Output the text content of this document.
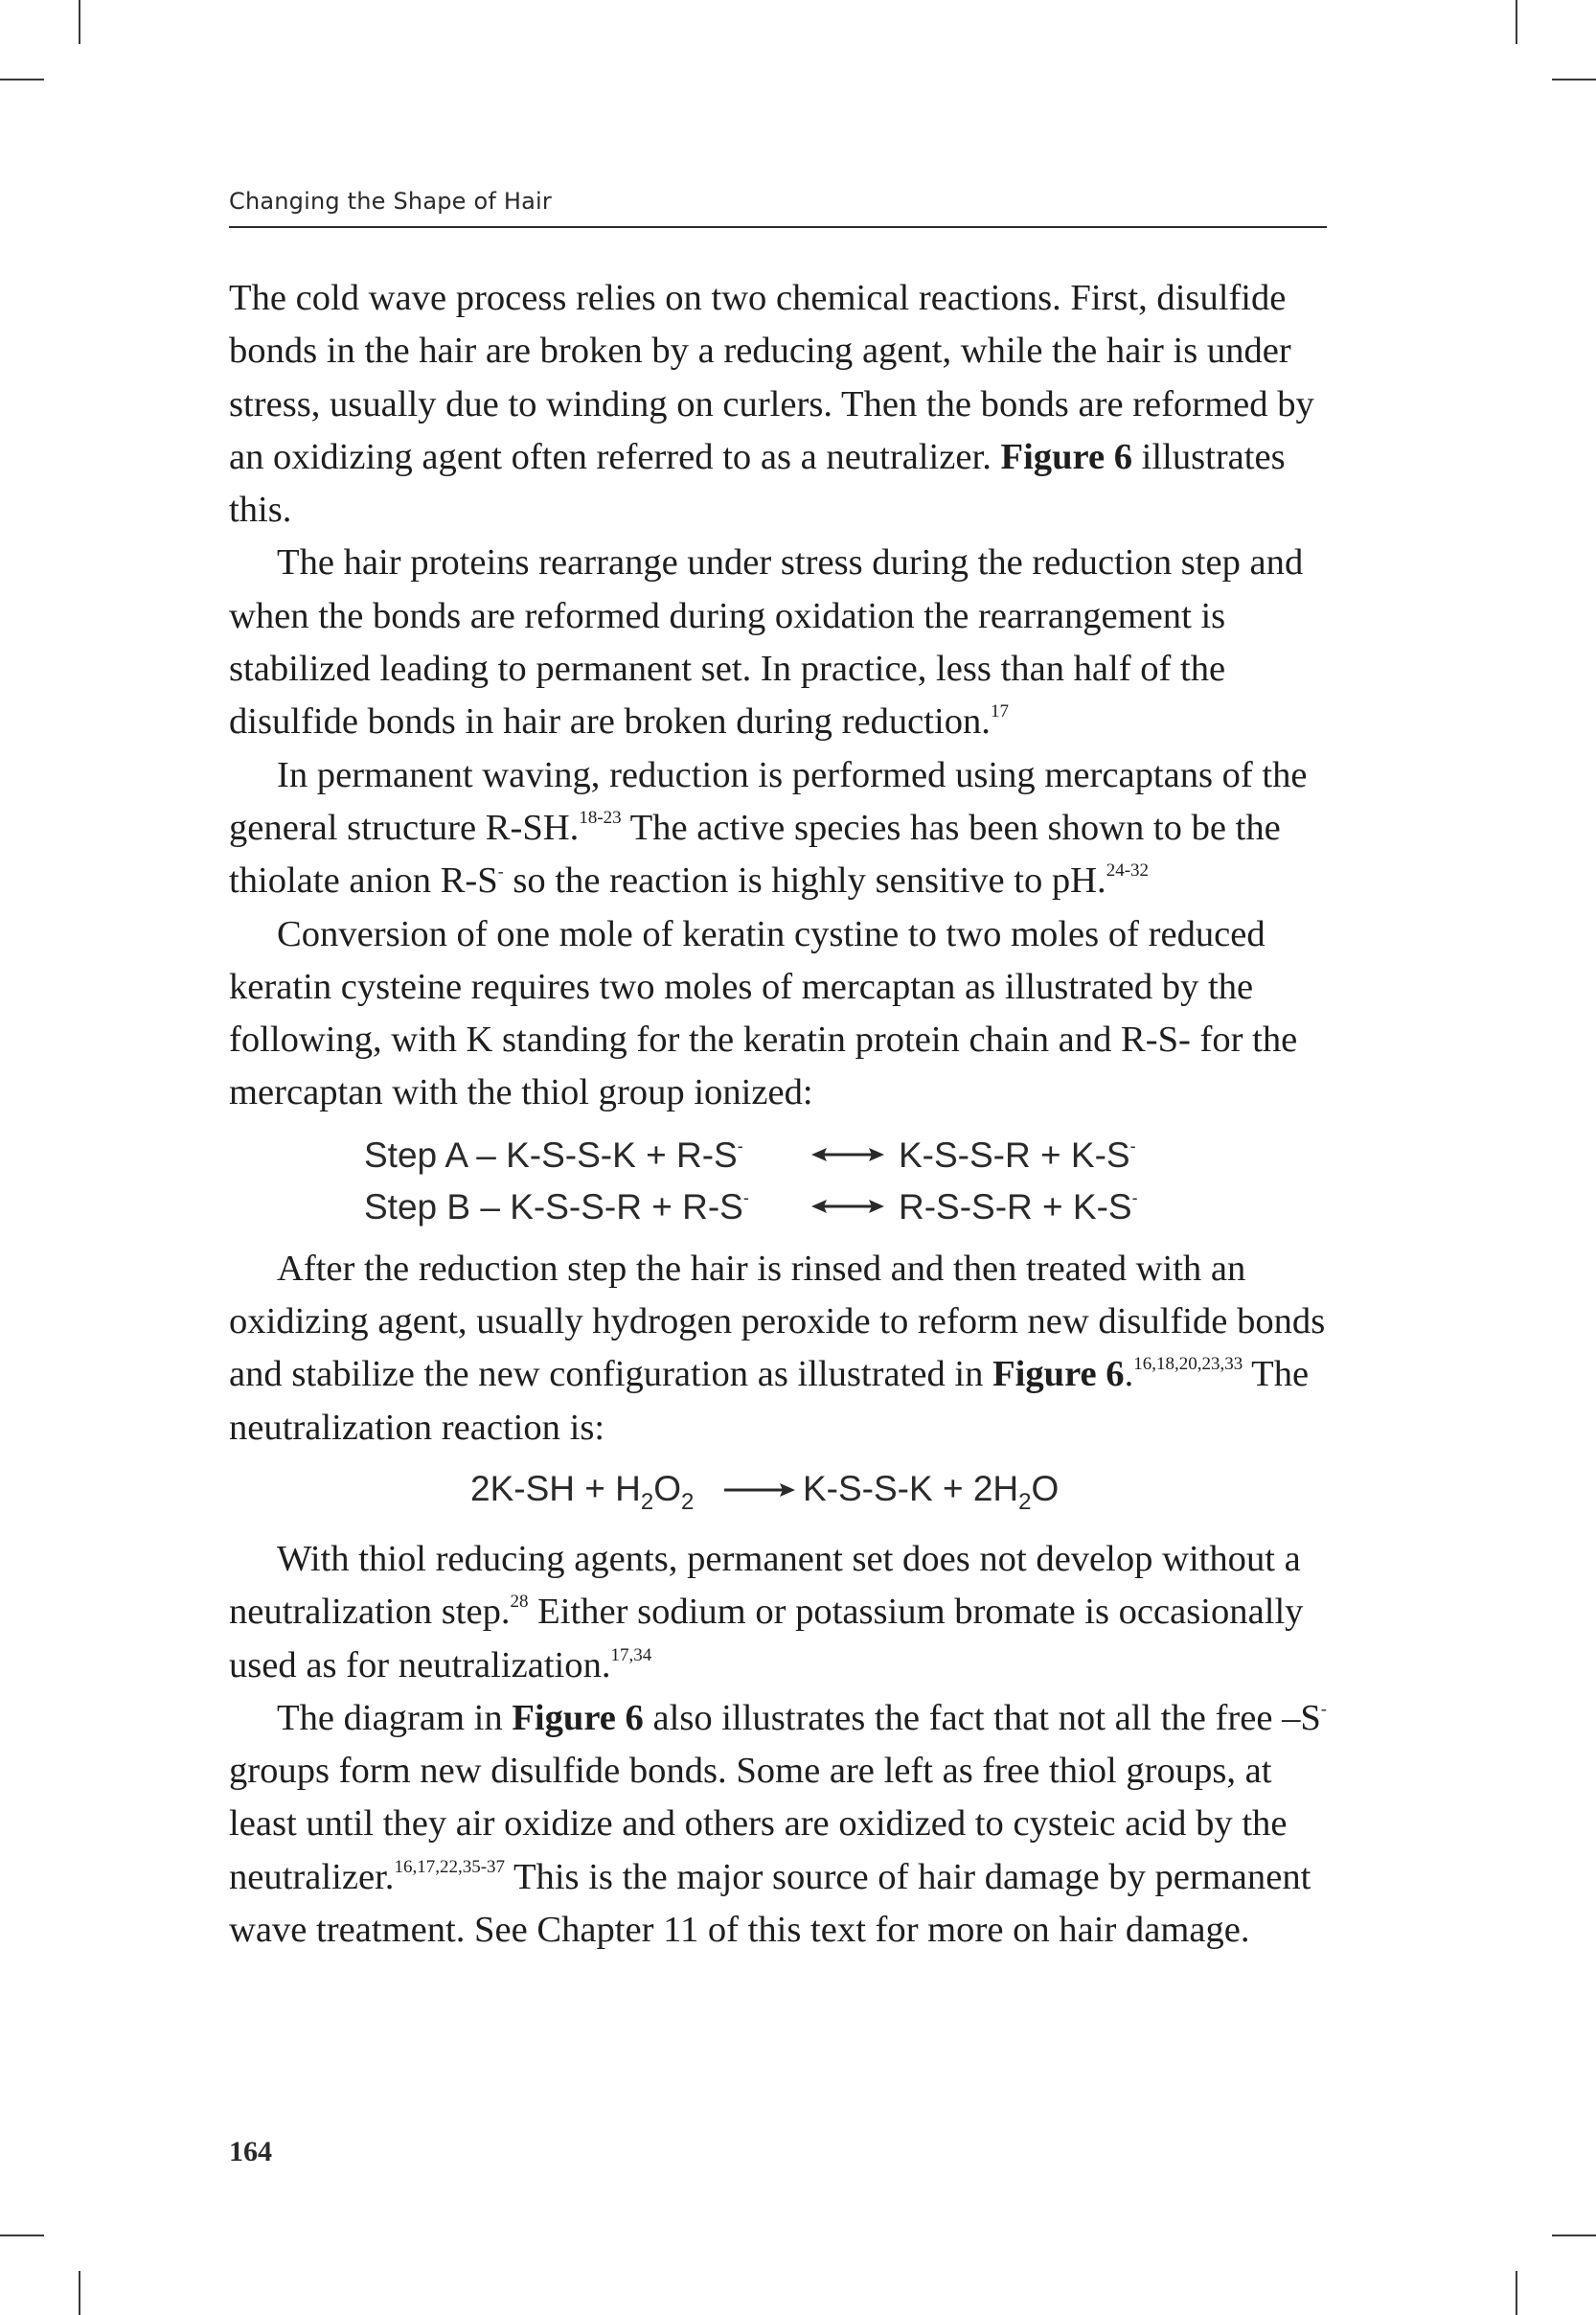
Changing the Shape of Hair

The cold wave process relies on two chemical reactions. First, disulfide bonds in the hair are broken by a reducing agent, while the hair is under stress, usually due to winding on curlers. Then the bonds are reformed by an oxidizing agent often referred to as a neutralizer. Figure 6 illustrates this.

The hair proteins rearrange under stress during the reduction step and when the bonds are reformed during oxidation the rearrangement is stabilized leading to permanent set. In practice, less than half of the disulfide bonds in hair are broken during reduction.$^{17}$

In permanent waving, reduction is performed using mercaptans of the general structure R-SH.$^{18-23}$ The active species has been shown to be the thiolate anion R-S- so the reaction is highly sensitive to pH.$^{24-32}$

Conversion of one mole of keratin cystine to two moles of reduced keratin cysteine requires two moles of mercaptan as illustrated by the following, with K standing for the keratin protein chain and R-S- for the mercaptan with the thiol group ionized:

Step A – K-S-S-K + R-S-	K-S-S-R + K-S-
Step B – K-S-S-R + R-S-	R-S-S-R + K-S-

After the reduction step the hair is rinsed and then treated with an oxidizing agent, usually hydrogen peroxide to reform new disulfide bonds and stabilize the new configuration as illustrated in Figure 6.$^{16,18,20,23,33}$ The neutralization reaction is:

$2K-SH + H_2O_2$	$K-S-S-K + 2H_2O$

With thiol reducing agents, permanent set does not develop without a neutralization step.$^{28}$ Either sodium or potassium bromate is occasionally used as for neutralization.$^{17,34}$

The diagram in Figure 6 also illustrates the fact that not all the free –S- groups form new disulfide bonds. Some are left as free thiol groups, at least until they air oxidize and others are oxidized to cysteic acid by the neutralizer.$^{16,17,22,35-37}$ This is the major source of hair damage by permanent wave treatment. See Chapter 11 of this text for more on hair damage.

164
